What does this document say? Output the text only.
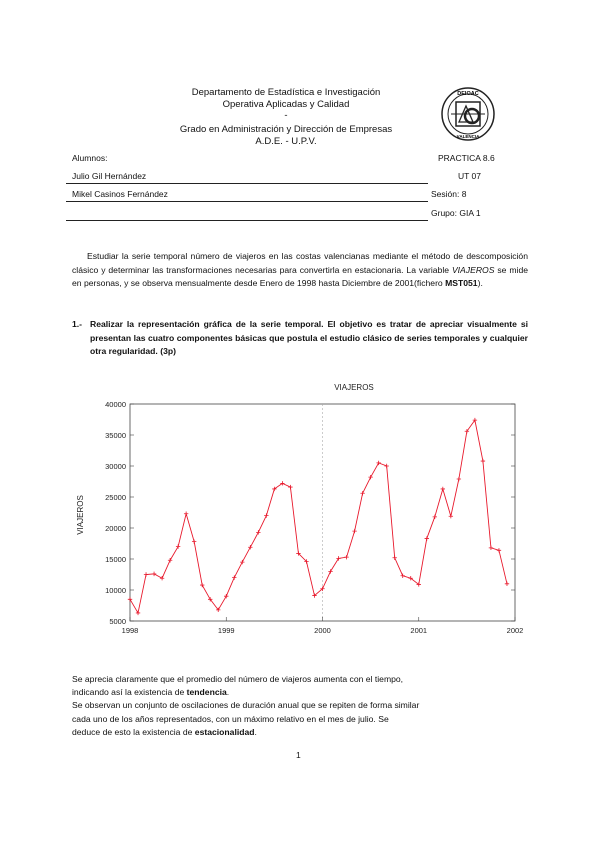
Departamento de Estadística e Investigación
Operativa Aplicadas y Calidad
-
Grado en Administración y Dirección de Empresas
A.D.E. - U.P.V.
DEIOAC
VALENCIA
Alumnos:
Julio Gil Hernández
Mikel Casinos Fernández
PRACTICA 8.6
UT 07
Sesión: 8
Grupo: GIA 1
Estudiar la serie temporal número de viajeros en las costas valencianas mediante el método de descomposición clásico y determinar las transformaciones necesarias para convertirla en estacionaria. La variable VIAJEROS se mide en personas, y se observa mensualmente desde Enero de 1998 hasta Diciembre de 2001(fichero MST051).
1.- Realizar la representación gráfica de la serie temporal. El objetivo es tratar de apreciar visualmente si presentan las cuatro componentes básicas que postula el estudio clásico de series temporales y cualquier otra regularidad. (3p)
VIAJEROS
VIAJEROS
5000
10000
15000
20000
25000
30000
35000
40000
1998	1999	2000	2001	2002
Se aprecia claramente que el promedio del número de viajeros aumenta con el tiempo,
indicando así la existencia de tendencia.
Se observan un conjunto de oscilaciones de duración anual que se repiten de forma similar
cada uno de los años representados, con un máximo relativo en el mes de julio. Se
deduce de esto la existencia de estacionalidad.
1
